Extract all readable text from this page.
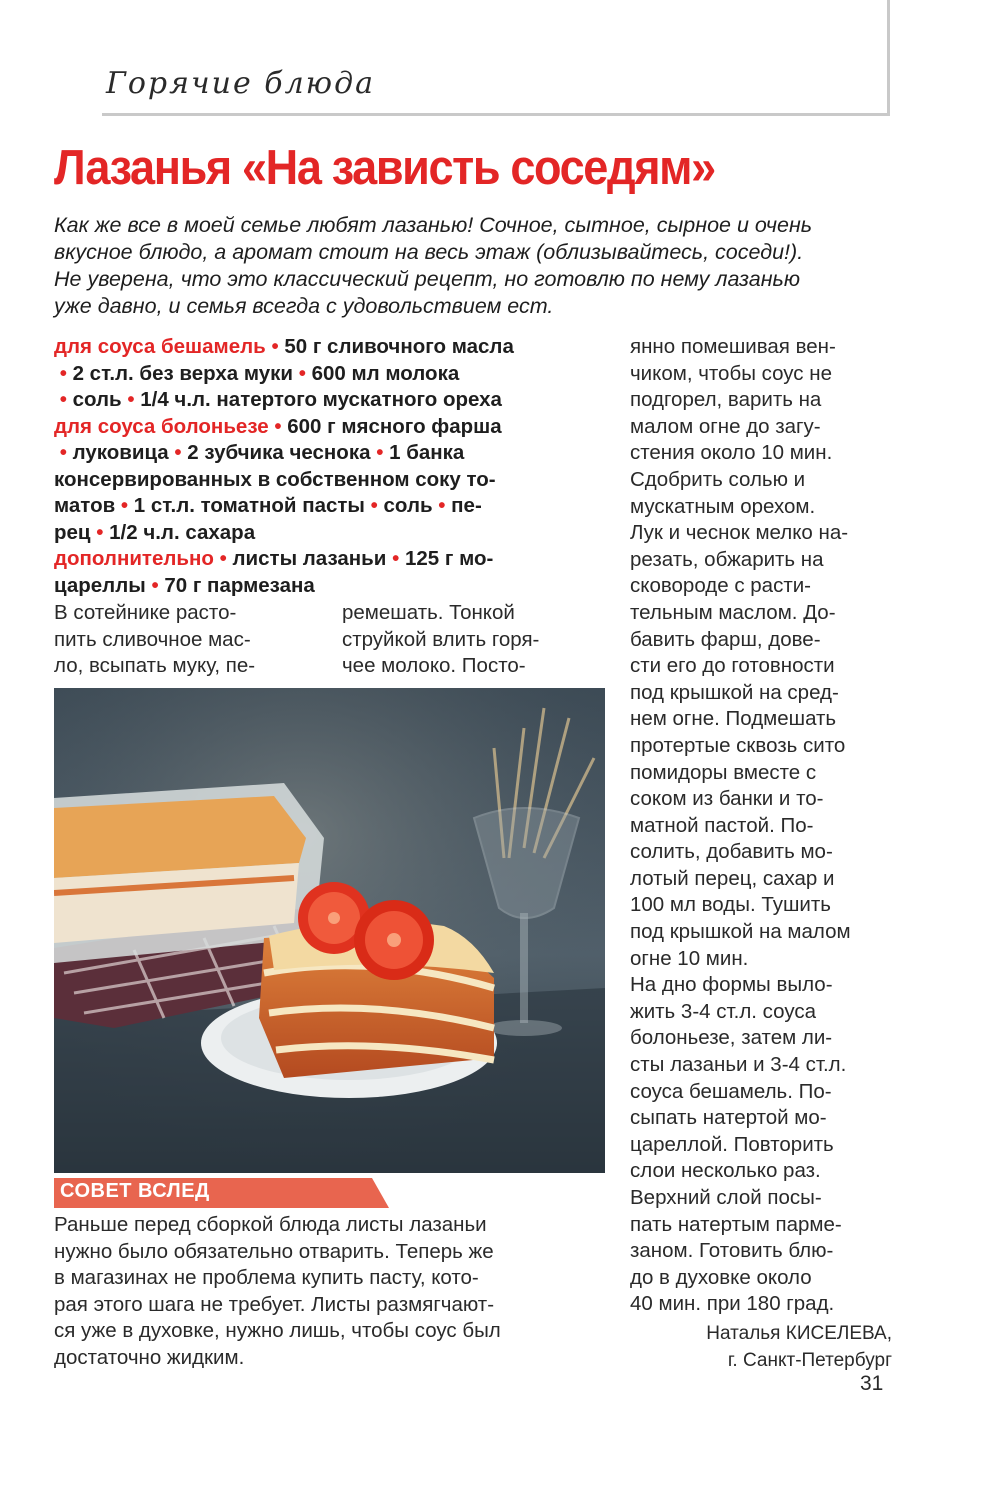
Горячие блюда
Лазанья «На зависть соседям»
Как же все в моей семье любят лазанью! Сочное, сытное, сырное и очень
вкусное блюдо, а аромат стоит на весь этаж (облизывайтесь, соседи!).
Не уверена, что это классический рецепт, но готовлю по нему лазанью
уже давно, и семья всегда с удовольствием ест.
для соуса бешамель • 50 г сливочного масла
• 2 ст.л. без верха муки • 600 мл молока
• соль • 1/4 ч.л. натертого мускатного ореха
для соуса болоньезе • 600 г мясного фарша
• луковица • 2 зубчика чеснока • 1 банка
консервированных в собственном соку то-
матов • 1 ст.л. томатной пасты • соль • пе-
рец • 1/2 ч.л. сахара
дополнительно • листы лазаньи • 125 г мо-
цареллы • 70 г пармезана
В сотейнике расто-
пить сливочное мас-
ло, всыпать муку, пе-
ремешать. Тонкой
струйкой влить горя-
чее молоко. Посто-
янно помешивая вен-
чиком, чтобы соус не
подгорел, варить на
малом огне до загу-
стения около 10 мин.
Сдобрить солью и
мускатным орехом.
Лук и чеснок мелко на-
резать, обжарить на
сковороде с расти-
тельным маслом. До-
бавить фарш, дове-
сти его до готовности
под крышкой на сред-
нем огне. Подмешать
протертые сквозь сито
помидоры вместе с
соком из банки и то-
матной пастой. По-
солить, добавить мо-
лотый перец, сахар и
100 мл воды. Тушить
под крышкой на малом
огне 10 мин.
На дно формы выло-
жить 3-4 ст.л. соуса
болоньезе, затем ли-
сты лазаньи и 3-4 ст.л.
соуса бешамель. По-
сыпать натертой мо-
цареллой. Повторить
слои несколько раз.
Верхний слой посы-
пать натертым парме-
заном. Готовить блю-
до в духовке около
40 мин. при 180 град.
СОВЕТ ВСЛЕД
Раньше перед сборкой блюда листы лазаньи
нужно было обязательно отварить. Теперь же
в магазинах не проблема купить пасту, кото-
рая этого шага не требует. Листы размягчают-
ся уже в духовке, нужно лишь, чтобы соус был
достаточно жидким.
Наталья КИСЕЛЕВА,
г. Санкт-Петербург
31
